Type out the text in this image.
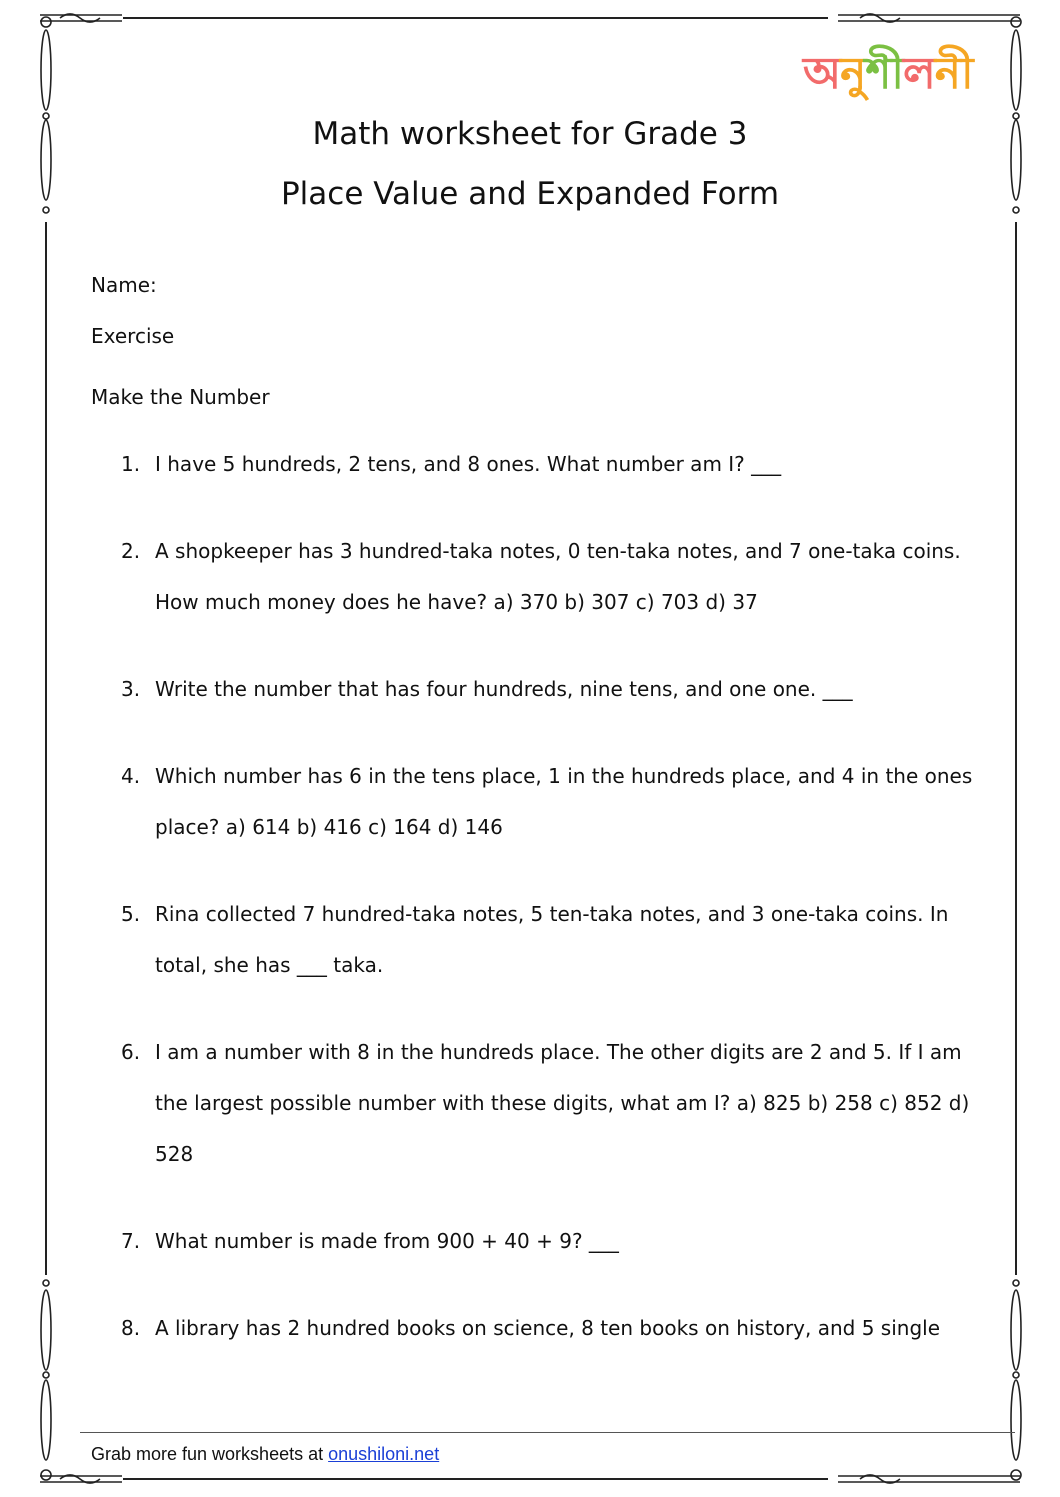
অনশলন
Math worksheet for Grade 3
Place Value and Expanded Form
Name:
Exercise
Make the Number
1. I have 5 hundreds, 2 tens, and 8 ones. What number am I? ___
2. A shopkeeper has 3 hundred-taka notes, 0 ten-taka notes, and 7 one-taka coins. How much money does he have? a) 370 b) 307 c) 703 d) 37
3. Write the number that has four hundreds, nine tens, and one one. ___
4. Which number has 6 in the tens place, 1 in the hundreds place, and 4 in the ones place? a) 614 b) 416 c) 164 d) 146
5. Rina collected 7 hundred-taka notes, 5 ten-taka notes, and 3 one-taka coins. In total, she has ___ taka.
6. I am a number with 8 in the hundreds place. The other digits are 2 and 5. If I am the largest possible number with these digits, what am I? a) 825 b) 258 c) 852 d) 528
7. What number is made from 900 + 40 + 9? ___
8. A library has 2 hundred books on science, 8 ten books on history, and 5 single
Grab more fun worksheets at onushiloni.net
